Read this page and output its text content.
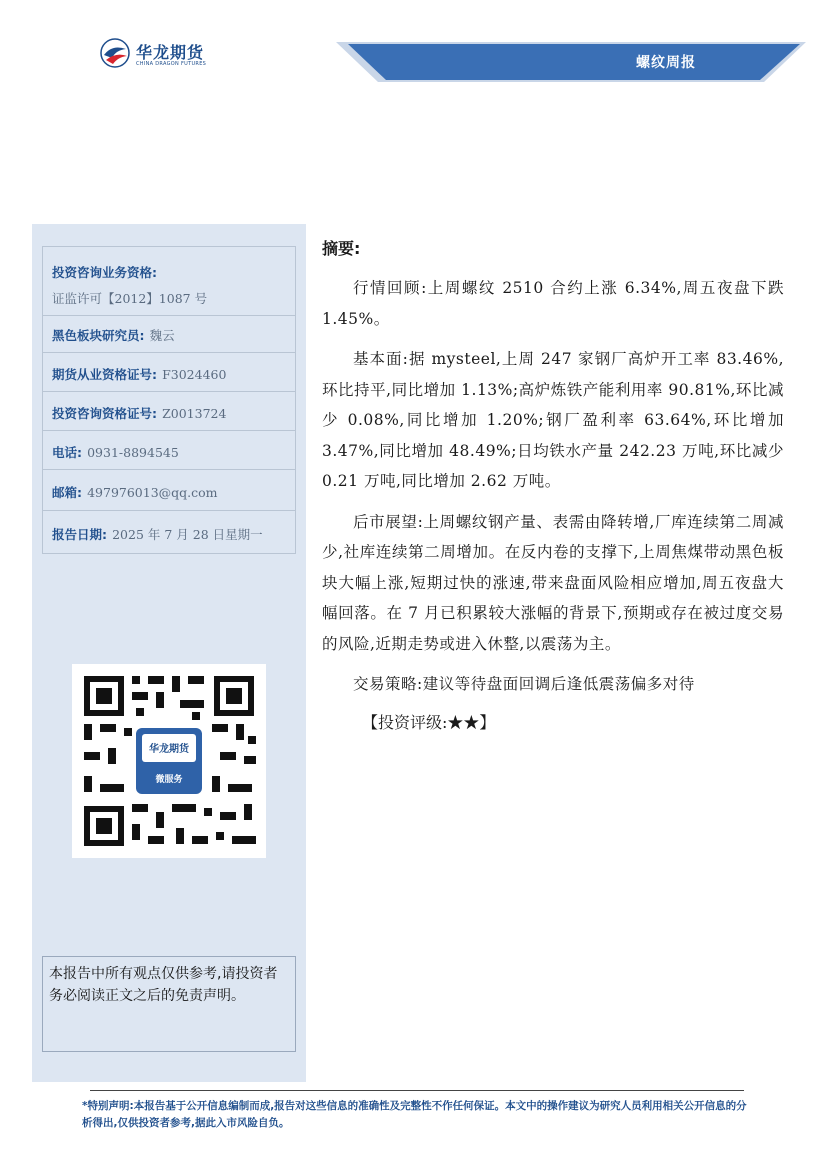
华龙期货
CHINA DRAGON FUTURES	螺纹周报
投资咨询业务资格:
证监许可【2012】1087 号
黑色板块研究员: 魏云
期货从业资格证号: F3024460
投资咨询资格证号: Z0013724
电话: 0931-8894545
邮箱: 497976013@qq.com
报告日期: 2025 年 7 月 28 日星期一
华龙期货
微服务
本报告中所有观点仅供参考,请投资者务必阅读正文之后的免责声明。
摘要:

行情回顾:上周螺纹 2510 合约上涨 6.34%,周五夜盘下跌 1.45%。

基本面:据 mysteel,上周 247 家钢厂高炉开工率 83.46%,环比持平,同比增加 1.13%;高炉炼铁产能利用率 90.81%,环比减少 0.08%,同比增加 1.20%;钢厂盈利率 63.64%,环比增加 3.47%,同比增加 48.49%;日均铁水产量 242.23 万吨,环比减少 0.21 万吨,同比增加 2.62 万吨。

后市展望:上周螺纹钢产量、表需由降转增,厂库连续第二周减少,社库连续第二周增加。在反内卷的支撑下,上周焦煤带动黑色板块大幅上涨,短期过快的涨速,带来盘面风险相应增加,周五夜盘大幅回落。在 7 月已积累较大涨幅的背景下,预期或存在被过度交易的风险,近期走势或进入休整,以震荡为主。

交易策略:建议等待盘面回调后逢低震荡偏多对待

【投资评级:★★】
*特别声明:本报告基于公开信息编制而成,报告对这些信息的准确性及完整性不作任何保证。本文中的操作建议为研究人员利用相关公开信息的分析得出,仅供投资者参考,据此入市风险自负。
